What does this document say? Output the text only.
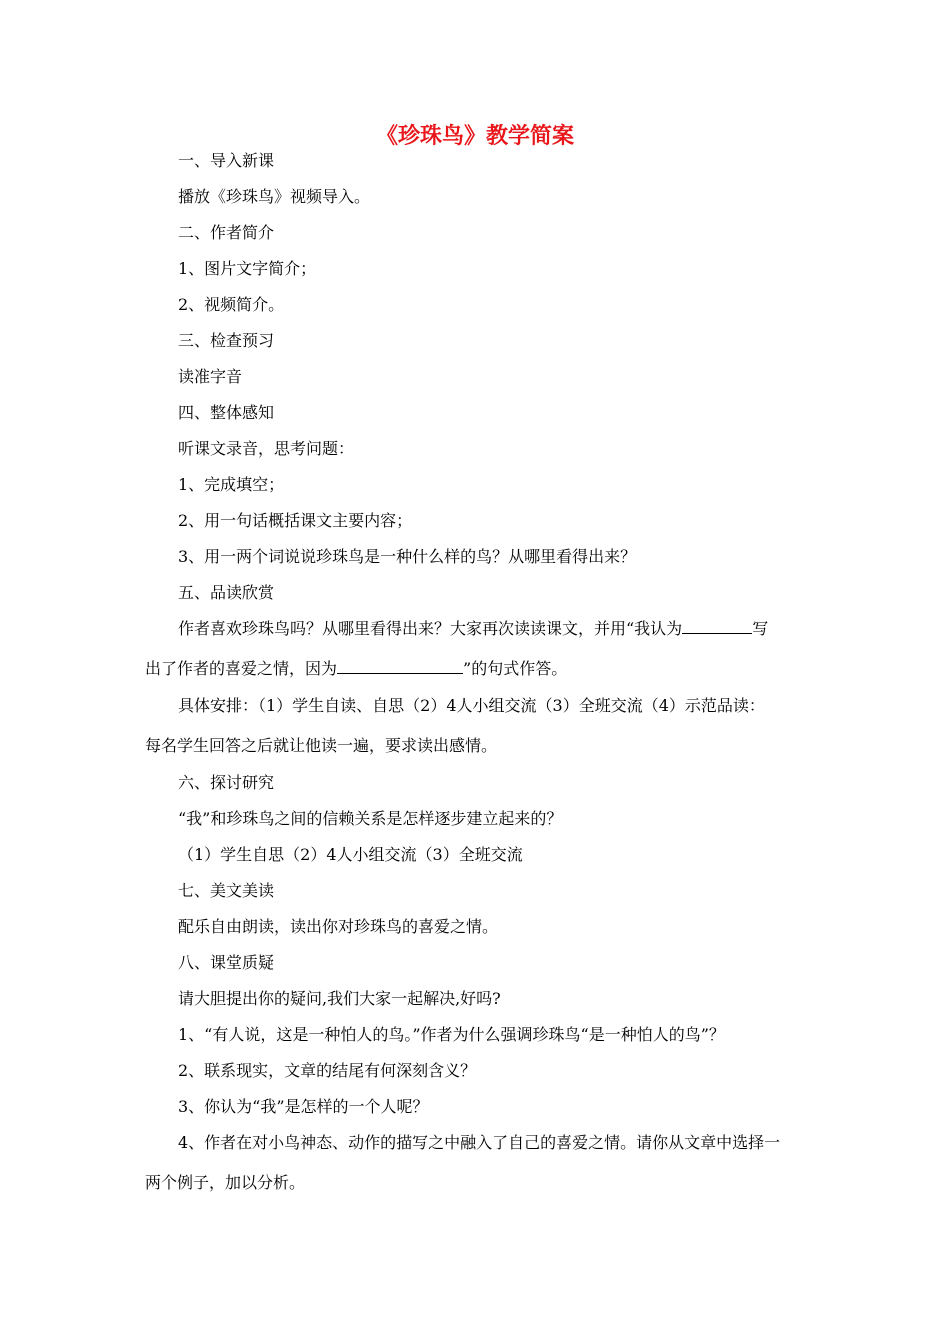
《珍珠鸟》教学简案
一、导入新课
播放《珍珠鸟》视频导入。
二、作者简介
1、图片文字简介；
2、视频简介。
三、检查预习
读准字音
四、整体感知
听课文录音，思考问题：
1、完成填空；
2、用一句话概括课文主要内容；
3、用一两个词说说珍珠鸟是一种什么样的鸟？从哪里看得出来？
五、品读欣赏
作者喜欢珍珠鸟吗？从哪里看得出来？大家再次读读课文，并用“我认为	写
出了作者的喜爱之情，因为	”的句式作答。
具体安排：（1）学生自读、自思（2）4人小组交流（3）全班交流（4）示范品读：
每名学生回答之后就让他读一遍，要求读出感情。
六、探讨研究
“我”和珍珠鸟之间的信赖关系是怎样逐步建立起来的？
（1）学生自思（2）4人小组交流（3）全班交流
七、美文美读
配乐自由朗读，读出你对珍珠鸟的喜爱之情。
八、课堂质疑
请大胆提出你的疑问,我们大家一起解决,好吗?
1、“有人说，这是一种怕人的鸟。”作者为什么强调珍珠鸟“是一种怕人的鸟”？
2、联系现实，文章的结尾有何深刻含义？
3、你认为“我”是怎样的一个人呢？
4、作者在对小鸟神态、动作的描写之中融入了自己的喜爱之情。请你从文章中选择一
两个例子，加以分析。
